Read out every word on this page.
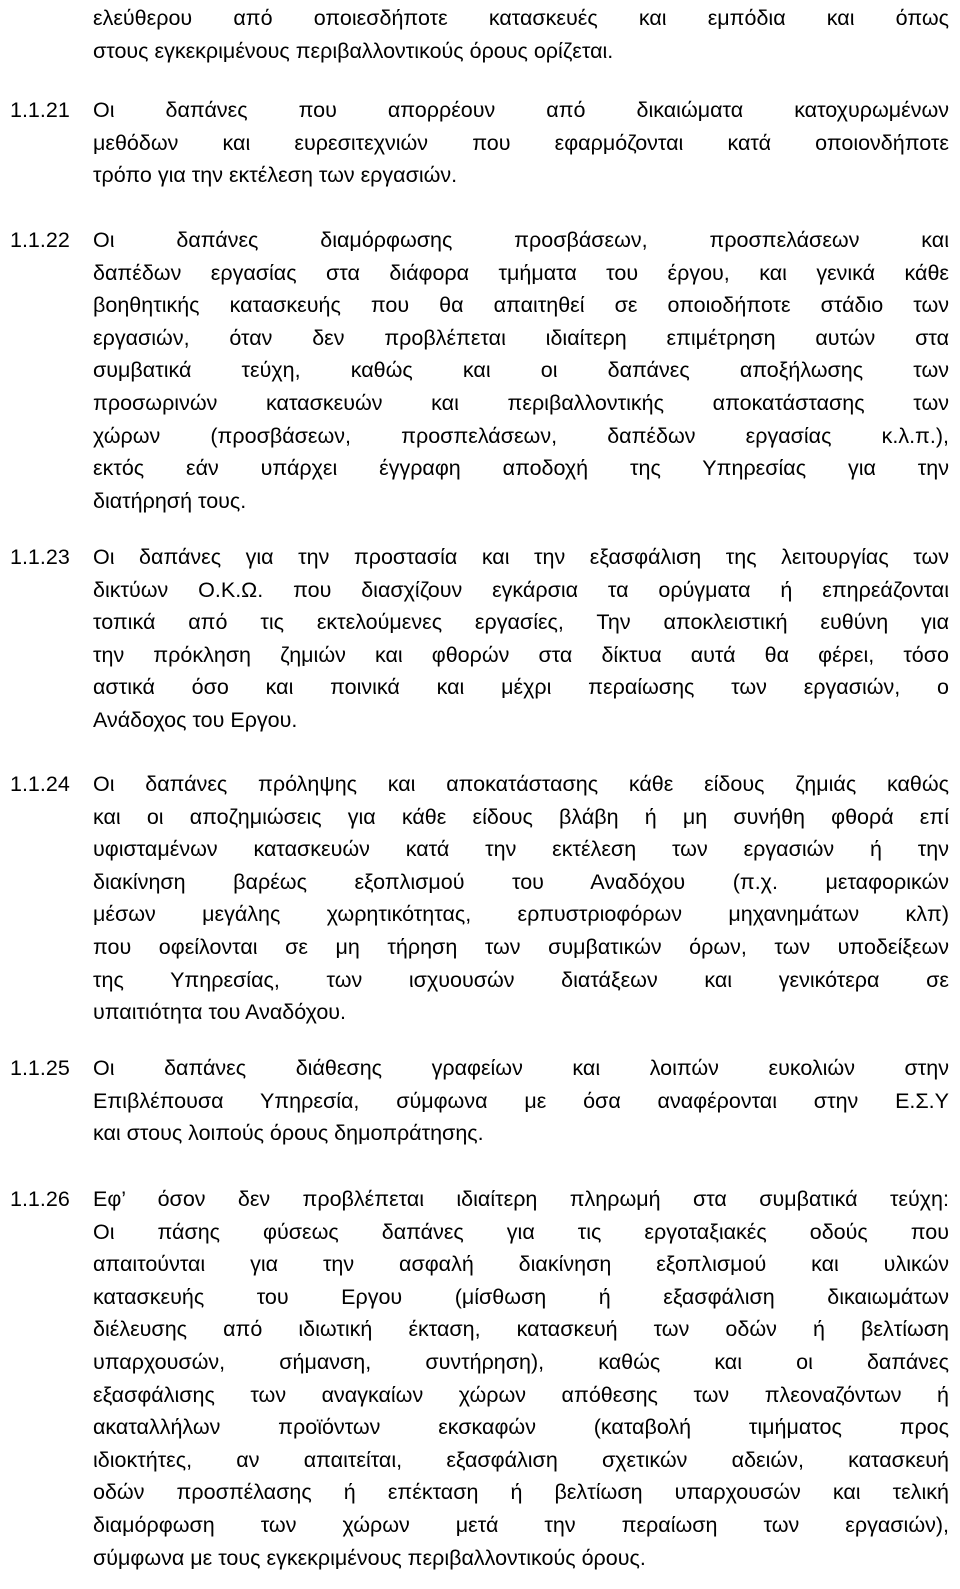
ελεύθερου από οποιεσδήποτε κατασκευές και εμπόδια και όπως
στους εγκεκριμένους περιβαλλοντικούς όρους ορίζεται.
1.1.21 Οι δαπάνες που απορρέουν από δικαιώματα κατοχυρωμένων
μεθόδων και ευρεσιτεχνιών που εφαρμόζονται κατά οποιονδήποτε
τρόπο για την εκτέλεση των εργασιών.
1.1.22 Οι δαπάνες διαμόρφωσης προσβάσεων, προσπελάσεων και
δαπέδων εργασίας στα διάφορα τμήματα του έργου, και γενικά κάθε
βοηθητικής κατασκευής που θα απαιτηθεί σε οποιοδήποτε στάδιο των
εργασιών, όταν δεν προβλέπεται ιδιαίτερη επιμέτρηση αυτών στα
συμβατικά τεύχη, καθώς και οι δαπάνες αποξήλωσης των
προσωρινών κατασκευών και περιβαλλοντικής αποκατάστασης των
χώρων (προσβάσεων, προσπελάσεων, δαπέδων εργασίας κ.λ.π.),
εκτός εάν υπάρχει έγγραφη αποδοχή της Υπηρεσίας για την
διατήρησή τους.
1.1.23 Οι δαπάνες για την προστασία και την εξασφάλιση της λειτουργίας των
δικτύων Ο.Κ.Ω. που διασχίζουν εγκάρσια τα ορύγματα ή επηρεάζονται
τοπικά από τις εκτελούμενες εργασίες, Την αποκλειστική ευθύνη για
την πρόκληση ζημιών και φθορών στα δίκτυα αυτά θα φέρει, τόσο
αστικά όσο και ποινικά και μέχρι περαίωσης των εργασιών, ο
Ανάδοχος του Εργου.
1.1.24 Οι δαπάνες πρόληψης και αποκατάστασης κάθε είδους ζημιάς καθώς
και οι αποζημιώσεις για κάθε είδους βλάβη ή μη συνήθη φθορά επί
υφισταμένων κατασκευών κατά την εκτέλεση των εργασιών ή την
διακίνηση βαρέως εξοπλισμού του Αναδόχου (π.χ. μεταφορικών
μέσων μεγάλης χωρητικότητας, ερπυστριοφόρων μηχανημάτων κλπ)
που οφείλονται σε μη τήρηση των συμβατικών όρων, των υποδείξεων
της Υπηρεσίας, των ισχυουσών διατάξεων και γενικότερα σε
υπαιτιότητα του Αναδόχου.
1.1.25 Οι δαπάνες διάθεσης γραφείων και λοιπών ευκολιών στην
Επιβλέπουσα Υπηρεσία, σύμφωνα με όσα αναφέρονται στην Ε.Σ.Υ
και στους λοιπούς όρους δημοπράτησης.
1.1.26 Εφ’ όσον δεν προβλέπεται ιδιαίτερη πληρωμή στα συμβατικά τεύχη:
Οι πάσης φύσεως δαπάνες για τις εργοταξιακές οδούς που
απαιτούνται για την ασφαλή διακίνηση εξοπλισμού και υλικών
κατασκευής του Εργου (μίσθωση ή εξασφάλιση δικαιωμάτων
διέλευσης από ιδιωτική έκταση, κατασκευή των οδών ή βελτίωση
υπαρχουσών, σήμανση, συντήρηση), καθώς και οι δαπάνες
εξασφάλισης των αναγκαίων χώρων απόθεσης των πλεοναζόντων ή
ακαταλλήλων προϊόντων εκσκαφών (καταβολή τιμήματος προς
ιδιοκτήτες, αν απαιτείται, εξασφάλιση σχετικών αδειών, κατασκευή
οδών προσπέλασης ή επέκταση ή βελτίωση υπαρχουσών και τελική
διαμόρφωση των χώρων μετά την περαίωση των εργασιών),
σύμφωνα με τους εγκεκριμένους περιβαλλοντικούς όρους.
